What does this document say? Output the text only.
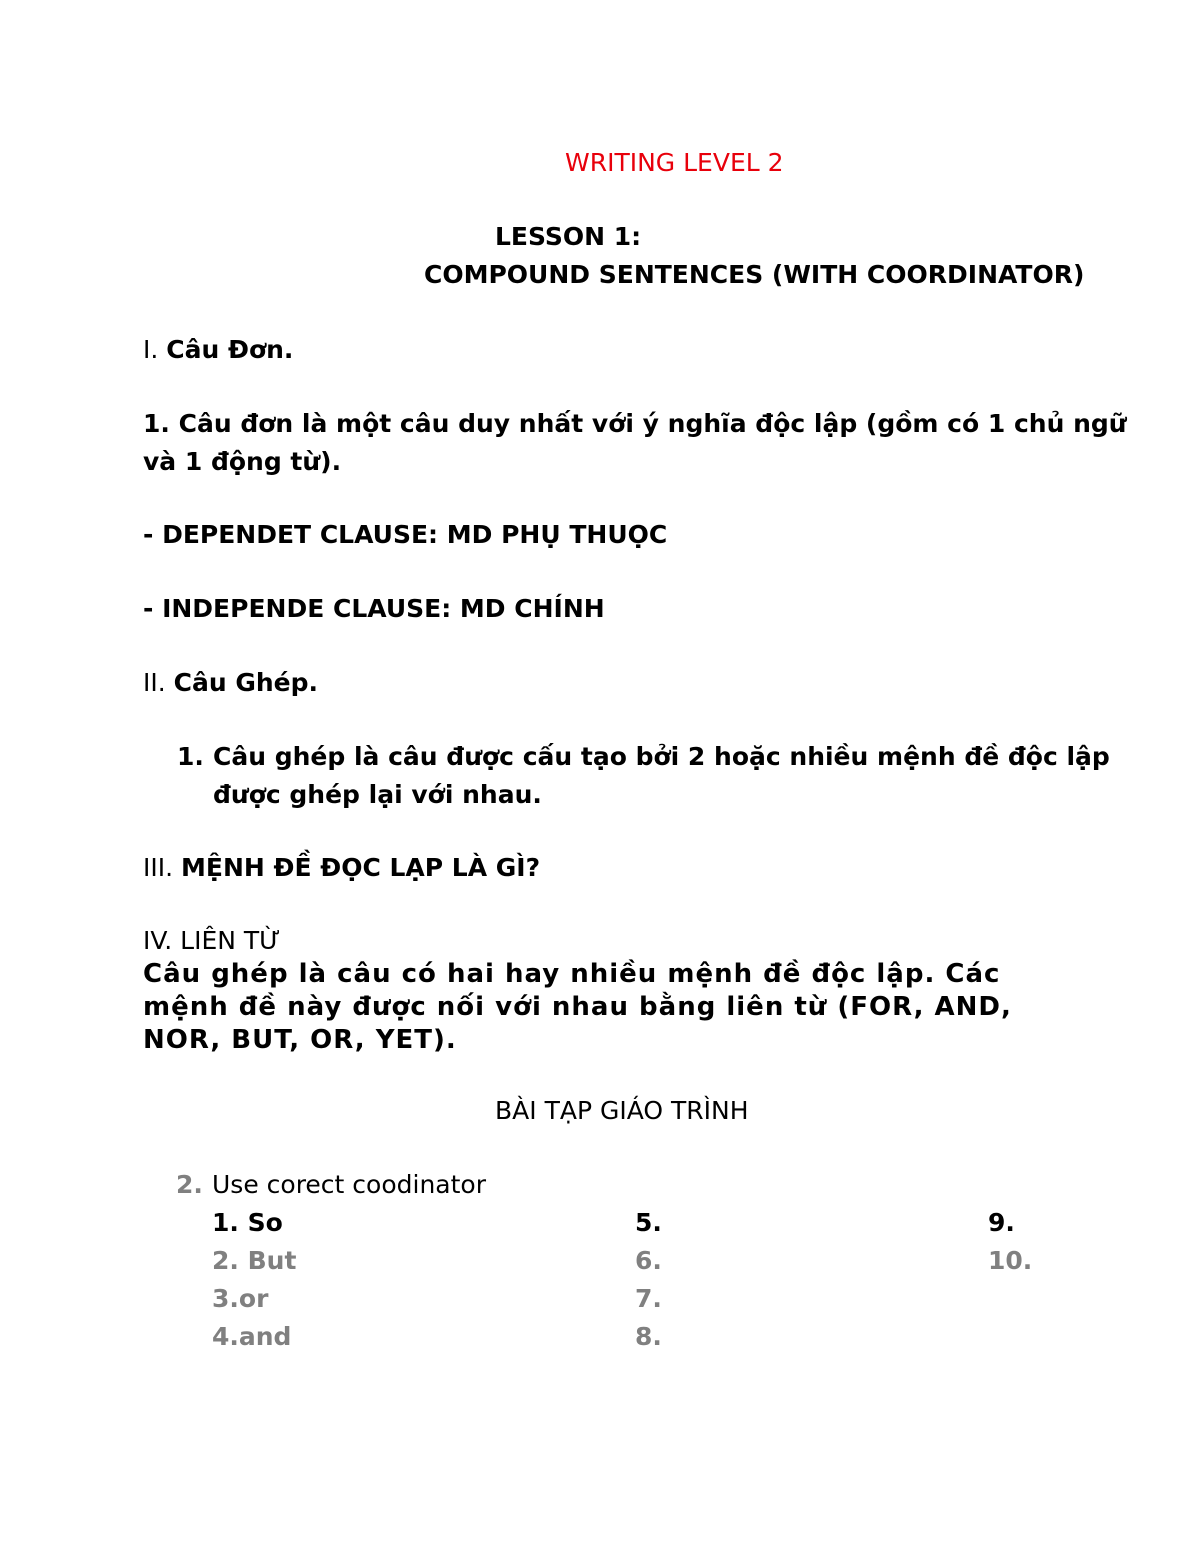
WRITING LEVEL 2
LESSON 1:
COMPOUND SENTENCES (WITH COORDINATOR)
I. Câu Đơn.
1. Câu đơn là một câu duy nhất với ý nghĩa độc lập (gồm có 1 chủ ngữ
và 1 động từ).
- DEPENDET CLAUSE: MD PHỤ THUỌC
- INDEPENDE CLAUSE: MD CHÍNH
II. Câu Ghép.
1. Câu ghép là câu được cấu tạo bởi 2 hoặc nhiều mệnh đề độc lập
được ghép lại với nhau.
III. MỆNH ĐỀ ĐỌC LẠP LÀ GÌ?
IV. LIÊN TỪ
Câu ghép là câu có hai hay nhiều mệnh đề độc lập. Các
mệnh đề này được nối với nhau bằng liên từ (FOR, AND,
NOR, BUT, OR, YET).
BÀI TẠP GIÁO TRÌNH
2. Use corect coodinator
1. So
2. But
3.or
4.and
5.
6.
7.
8.
9.
10.
